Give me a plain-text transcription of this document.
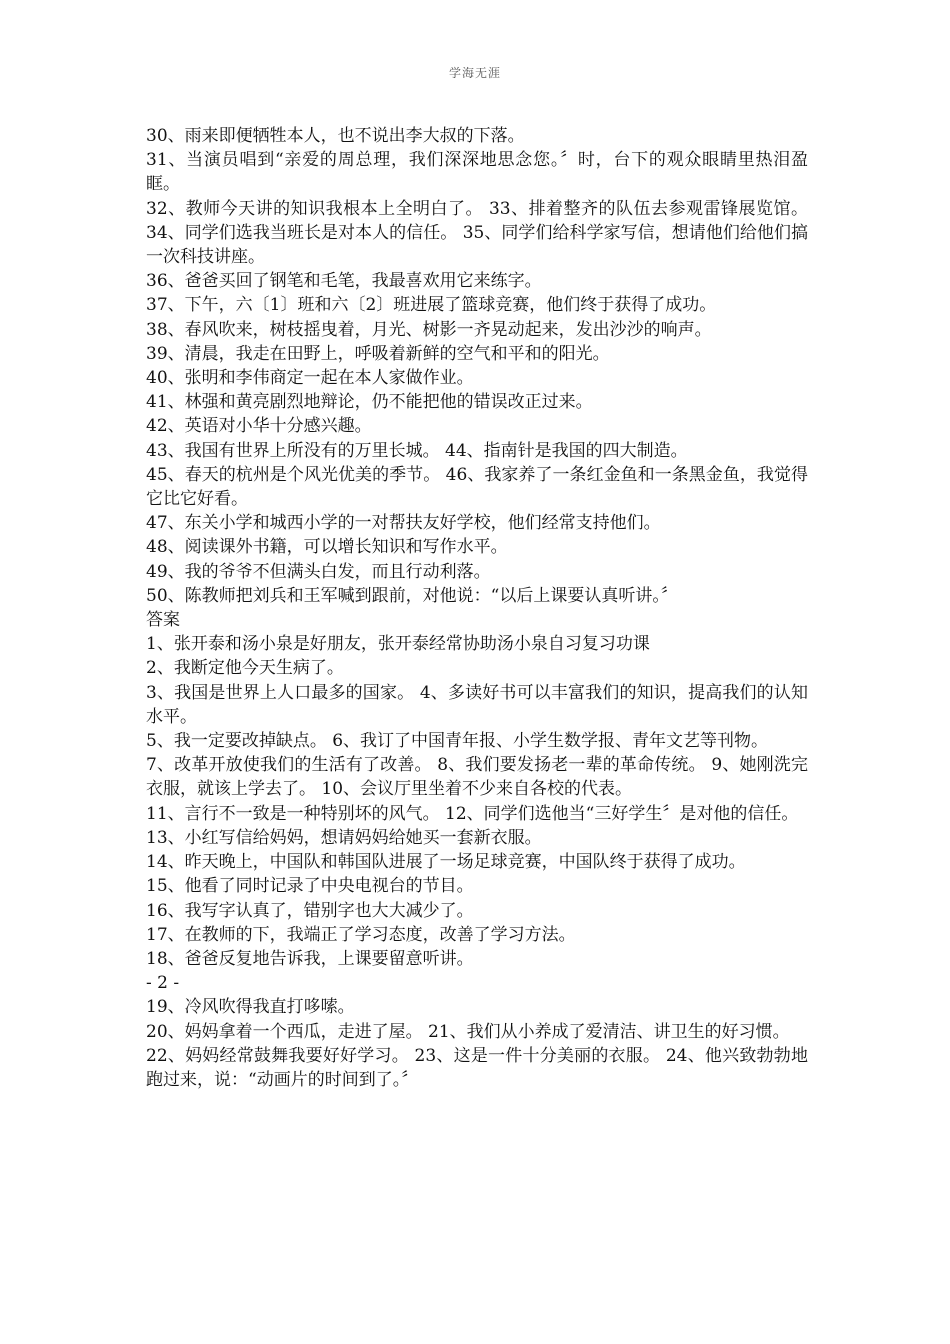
学海无涯

30、雨来即便牺牲本人，也不说出李大叔的下落。

31、当演员唱到“亲爱的周总理，我们深深地思念您。〞时，台下的观众眼睛里热泪盈眶。

32、教师今天讲的知识我根本上全明白了。 33、排着整齐的队伍去参观雷锋展览馆。 34、同学们选我当班长是对本人的信任。 35、同学们给科学家写信，想请他们给他们搞一次科技讲座。

36、爸爸买回了钢笔和毛笔，我最喜欢用它来练字。

37、下午，六〔1〕班和六〔2〕班进展了篮球竞赛，他们终于获得了成功。

38、春风吹来，树枝摇曳着，月光、树影一齐晃动起来，发出沙沙的响声。

39、清晨，我走在田野上，呼吸着新鲜的空气和平和的阳光。

40、张明和李伟商定一起在本人家做作业。

41、林强和黄亮剧烈地辩论，仍不能把他的错误改正过来。

42、英语对小华十分感兴趣。

43、我国有世界上所没有的万里长城。 44、指南针是我国的四大制造。

45、春天的杭州是个风光优美的季节。 46、我家养了一条红金鱼和一条黑金鱼，我觉得它比它好看。

47、东关小学和城西小学的一对帮扶友好学校，他们经常支持他们。

48、阅读课外书籍，可以增长知识和写作水平。

49、我的爷爷不但满头白发，而且行动利落。

50、陈教师把刘兵和王军喊到跟前，对他说：“以后上课要认真听讲。〞

答案

1、张开泰和汤小泉是好朋友，张开泰经常协助汤小泉自习复习功课

2、我断定他今天生病了。

3、我国是世界上人口最多的国家。 4、多读好书可以丰富我们的知识，提高我们的认知水平。

5、我一定要改掉缺点。 6、我订了中国青年报、小学生数学报、青年文艺等刊物。

7、改革开放使我们的生活有了改善。 8、我们要发扬老一辈的革命传统。 9、她刚洗完衣服，就该上学去了。 10、会议厅里坐着不少来自各校的代表。

11、言行不一致是一种特别坏的风气。 12、同学们选他当“三好学生〞是对他的信任。

13、小红写信给妈妈，想请妈妈给她买一套新衣服。

14、昨天晚上，中国队和韩国队进展了一场足球竞赛，中国队终于获得了成功。

15、他看了同时记录了中央电视台的节目。

16、我写字认真了，错别字也大大减少了。

17、在教师的下，我端正了学习态度，改善了学习方法。

18、爸爸反复地告诉我，上课要留意听讲。

- 2 -

19、冷风吹得我直打哆嗦。

20、妈妈拿着一个西瓜，走进了屋。 21、我们从小养成了爱清洁、讲卫生的好习惯。

22、妈妈经常鼓舞我要好好学习。 23、这是一件十分美丽的衣服。 24、他兴致勃勃地跑过来，说：“动画片的时间到了。〞
